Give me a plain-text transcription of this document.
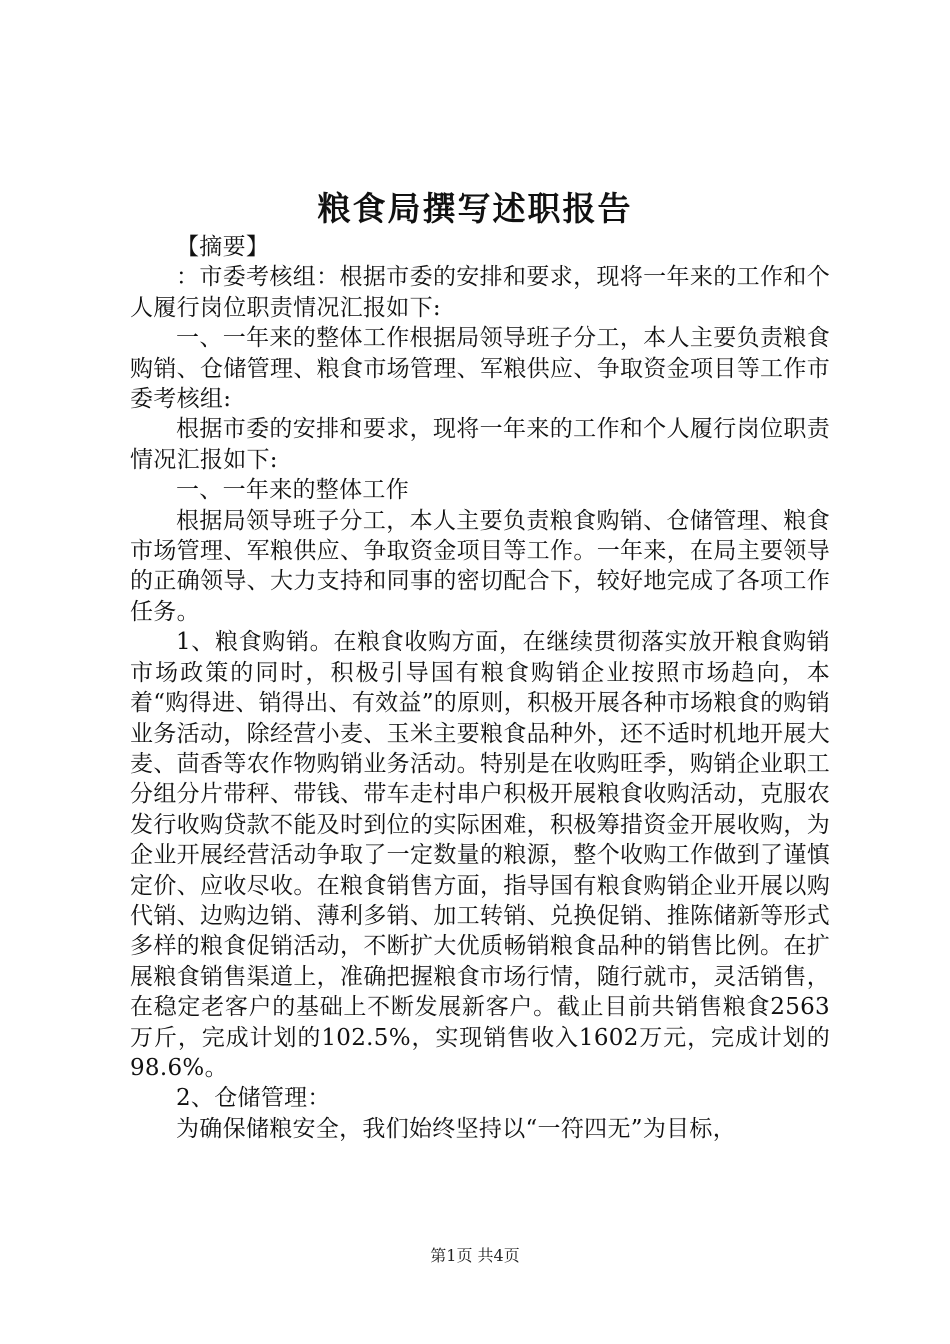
粮食局撰写述职报告

【摘要】

：市委考核组：根据市委的安排和要求，现将一年来的工作和个人履行岗位职责情况汇报如下:

一、一年来的整体工作根据局领导班子分工，本人主要负责粮食购销、仓储管理、粮食市场管理、军粮供应、争取资金项目等工作市委考核组:

根据市委的安排和要求，现将一年来的工作和个人履行岗位职责情况汇报如下:

一、一年来的整体工作

根据局领导班子分工，本人主要负责粮食购销、仓储管理、粮食市场管理、军粮供应、争取资金项目等工作。一年来，在局主要领导的正确领导、大力支持和同事的密切配合下，较好地完成了各项工作任务。

1、粮食购销。在粮食收购方面，在继续贯彻落实放开粮食购销市场政策的同时，积极引导国有粮食购销企业按照市场趋向，本着“购得进、销得出、有效益”的原则，积极开展各种市场粮食的购销业务活动，除经营小麦、玉米主要粮食品种外，还不适时机地开展大麦、茴香等农作物购销业务活动。特别是在收购旺季，购销企业职工分组分片带秤、带钱、带车走村串户积极开展粮食收购活动，克服农发行收购贷款不能及时到位的实际困难，积极筹措资金开展收购，为企业开展经营活动争取了一定数量的粮源，整个收购工作做到了谨慎定价、应收尽收。在粮食销售方面，指导国有粮食购销企业开展以购代销、边购边销、薄利多销、加工转销、兑换促销、推陈储新等形式多样的粮食促销活动，不断扩大优质畅销粮食品种的销售比例。在扩展粮食销售渠道上，准确把握粮食市场行情，随行就市，灵活销售，在稳定老客户的基础上不断发展新客户。截止目前共销售粮食2563万斤，完成计划的102.5%，实现销售收入1602万元，完成计划的98.6%。

2、仓储管理：

为确保储粮安全，我们始终坚持以“一符四无”为目标，

第1页 共4页
